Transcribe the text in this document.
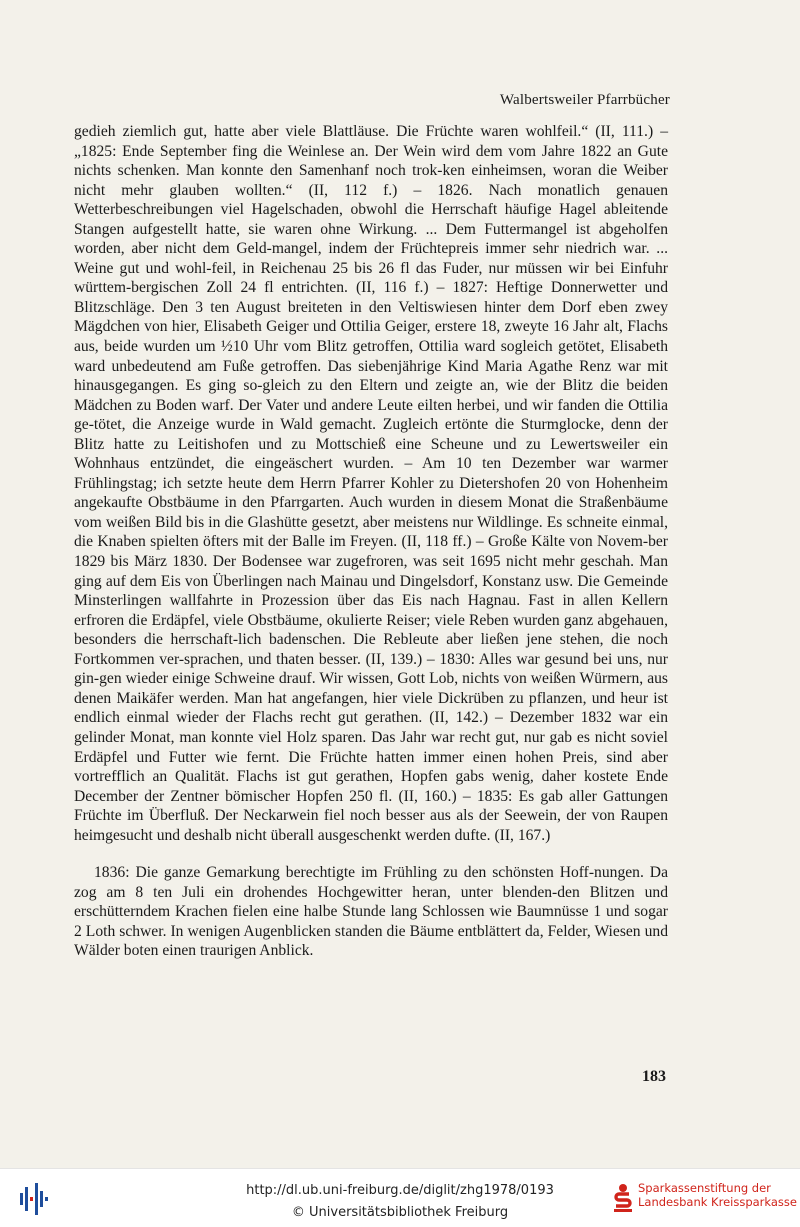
Walbertsweiler Pfarrbücher

gedieh ziemlich gut, hatte aber viele Blattläuse. Die Früchte waren wohlfeil.“ (II, 111.) – „1825: Ende September fing die Weinlese an. Der Wein wird dem vom Jahre 1822 an Gute nichts schenken. Man konnte den Samenhanf noch trok-ken einheimsen, woran die Weiber nicht mehr glauben wollten.“ (II, 112 f.) – 1826. Nach monatlich genauen Wetterbeschreibungen viel Hagelschaden, obwohl die Herrschaft häufige Hagel ableitende Stangen aufgestellt hatte, sie waren ohne Wirkung. ... Dem Futtermangel ist abgeholfen worden, aber nicht dem Geld-mangel, indem der Früchtepreis immer sehr niedrich war. ... Weine gut und wohl-feil, in Reichenau 25 bis 26 fl das Fuder, nur müssen wir bei Einfuhr württem-bergischen Zoll 24 fl entrichten. (II, 116 f.) – 1827: Heftige Donnerwetter und Blitzschläge. Den 3 ten August breiteten in den Veltiswiesen hinter dem Dorf eben zwey Mägdchen von hier, Elisabeth Geiger und Ottilia Geiger, erstere 18, zweyte 16 Jahr alt, Flachs aus, beide wurden um ½10 Uhr vom Blitz getroffen, Ottilia ward sogleich getötet, Elisabeth ward unbedeutend am Fuße getroffen. Das siebenjährige Kind Maria Agathe Renz war mit hinausgegangen. Es ging so-gleich zu den Eltern und zeigte an, wie der Blitz die beiden Mädchen zu Boden warf. Der Vater und andere Leute eilten herbei, und wir fanden die Ottilia ge-tötet, die Anzeige wurde in Wald gemacht. Zugleich ertönte die Sturmglocke, denn der Blitz hatte zu Leitishofen und zu Mottschieß eine Scheune und zu Lewertsweiler ein Wohnhaus entzündet, die eingeäschert wurden. – Am 10 ten Dezember war warmer Frühlingstag; ich setzte heute dem Herrn Pfarrer Kohler zu Dietershofen 20 von Hohenheim angekaufte Obstbäume in den Pfarrgarten. Auch wurden in diesem Monat die Straßenbäume vom weißen Bild bis in die Glashütte gesetzt, aber meistens nur Wildlinge. Es schneite einmal, die Knaben spielten öfters mit der Balle im Freyen. (II, 118 ff.) – Große Kälte von Novem-ber 1829 bis März 1830. Der Bodensee war zugefroren, was seit 1695 nicht mehr geschah. Man ging auf dem Eis von Überlingen nach Mainau und Dingelsdorf, Konstanz usw. Die Gemeinde Minsterlingen wallfahrte in Prozession über das Eis nach Hagnau. Fast in allen Kellern erfroren die Erdäpfel, viele Obstbäume, okulierte Reiser; viele Reben wurden ganz abgehauen, besonders die herrschaft-lich badenschen. Die Rebleute aber ließen jene stehen, die noch Fortkommen ver-sprachen, und thaten besser. (II, 139.) – 1830: Alles war gesund bei uns, nur gin-gen wieder einige Schweine drauf. Wir wissen, Gott Lob, nichts von weißen Würmern, aus denen Maikäfer werden. Man hat angefangen, hier viele Dickrüben zu pflanzen, und heur ist endlich einmal wieder der Flachs recht gut gerathen. (II, 142.) – Dezember 1832 war ein gelinder Monat, man konnte viel Holz sparen. Das Jahr war recht gut, nur gab es nicht soviel Erdäpfel und Futter wie fernt. Die Früchte hatten immer einen hohen Preis, sind aber vortrefflich an Qualität. Flachs ist gut gerathen, Hopfen gabs wenig, daher kostete Ende December der Zentner bömischer Hopfen 250 fl. (II, 160.) – 1835: Es gab aller Gattungen Früchte im Überfluß. Der Neckarwein fiel noch besser aus als der Seewein, der von Raupen heimgesucht und deshalb nicht überall ausgeschenkt werden dufte. (II, 167.)

1836: Die ganze Gemarkung berechtigte im Frühling zu den schönsten Hoff-nungen. Da zog am 8 ten Juli ein drohendes Hochgewitter heran, unter blenden-den Blitzen und erschütterndem Krachen fielen eine halbe Stunde lang Schlossen wie Baumnüsse 1 und sogar 2 Loth schwer. In wenigen Augenblicken standen die Bäume entblättert da, Felder, Wiesen und Wälder boten einen traurigen Anblick.

183
http://dl.ub.uni-freiburg.de/diglit/zhg1978/0193
© Universitätsbibliothek Freiburg
Sparkassenstiftung der
Landesbank Kreissparkasse
